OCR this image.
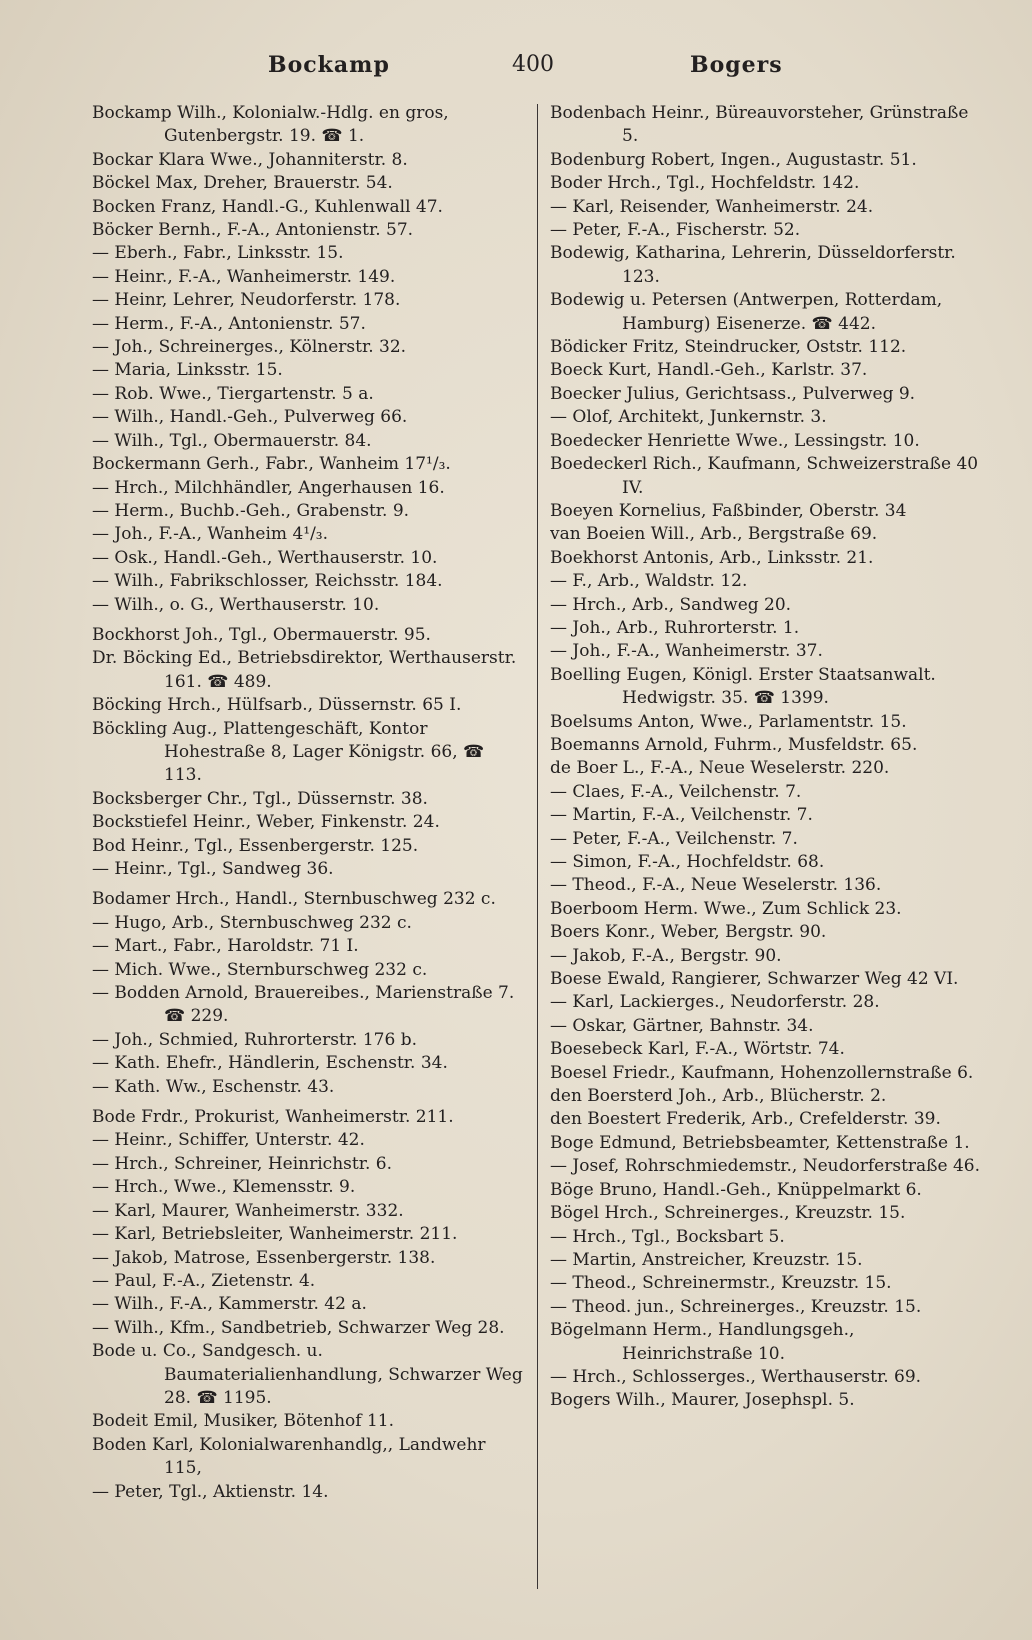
Bockamp	400	Bogers
Bockamp Wilh., Kolonialw.-Hdlg. en gros, Gutenbergstr. 19. ☎ 1.
Bockar Klara Wwe., Johanniterstr. 8.
Böckel Max, Dreher, Brauerstr. 54.
Bocken Franz, Handl.-G., Kuhlenwall 47.
Böcker Bernh., F.-A., Antonienstr. 57.
— Eberh., Fabr., Linksstr. 15.
— Heinr., F.-A., Wanheimerstr. 149.
— Heinr, Lehrer, Neudorferstr. 178.
— Herm., F.-A., Antonienstr. 57.
— Joh., Schreinerges., Kölnerstr. 32.
— Maria, Linksstr. 15.
— Rob. Wwe., Tiergartenstr. 5 a.
— Wilh., Handl.-Geh., Pulverweg 66.
— Wilh., Tgl., Obermauerstr. 84.
Bockermann Gerh., Fabr., Wanheim 17¹/₃.
— Hrch., Milchhändler, Angerhausen 16.
— Herm., Buchb.-Geh., Grabenstr. 9.
— Joh., F.-A., Wanheim 4¹/₃.
— Osk., Handl.-Geh., Werthauserstr. 10.
— Wilh., Fabrikschlosser, Reichsstr. 184.
— Wilh., o. G., Werthauserstr. 10.
Bockhorst Joh., Tgl., Obermauerstr. 95.
Dr. Böcking Ed., Betriebsdirektor, Werthauserstr. 161. ☎ 489.
Böcking Hrch., Hülfsarb., Düssernstr. 65 I.
Böckling Aug., Plattengeschäft, Kontor Hohestraße 8, Lager Königstr. 66, ☎ 113.
Bocksberger Chr., Tgl., Düssernstr. 38.
Bockstiefel Heinr., Weber, Finkenstr. 24.
Bod Heinr., Tgl., Essenbergerstr. 125.
— Heinr., Tgl., Sandweg 36.
Bodamer Hrch., Handl., Sternbuschweg 232 c.
— Hugo, Arb., Sternbuschweg 232 c.
— Mart., Fabr., Haroldstr. 71 I.
— Mich. Wwe., Sternburschweg 232 c.
— Bodden Arnold, Brauereibes., Marienstraße 7. ☎ 229.
— Joh., Schmied, Ruhrorterstr. 176 b.
— Kath. Ehefr., Händlerin, Eschenstr. 34.
— Kath. Ww., Eschenstr. 43.
Bode Frdr., Prokurist, Wanheimerstr. 211.
— Heinr., Schiffer, Unterstr. 42.
— Hrch., Schreiner, Heinrichstr. 6.
— Hrch., Wwe., Klemensstr. 9.
— Karl, Maurer, Wanheimerstr. 332.
— Karl, Betriebsleiter, Wanheimerstr. 211.
— Jakob, Matrose, Essenbergerstr. 138.
— Paul, F.-A., Zietenstr. 4.
— Wilh., F.-A., Kammerstr. 42 a.
— Wilh., Kfm., Sandbetrieb, Schwarzer Weg 28.
Bode u. Co., Sandgesch. u. Baumaterialienhandlung, Schwarzer Weg 28. ☎ 1195.
Bodeit Emil, Musiker, Bötenhof 11.
Boden Karl, Kolonialwarenhandlg,, Landwehr 115,
— Peter, Tgl., Aktienstr. 14.
Bodenbach Heinr., Büreauvorsteher, Grünstraße 5.
Bodenburg Robert, Ingen., Augustastr. 51.
Boder Hrch., Tgl., Hochfeldstr. 142.
— Karl, Reisender, Wanheimerstr. 24.
— Peter, F.-A., Fischerstr. 52.
Bodewig, Katharina, Lehrerin, Düsseldorferstr. 123.
Bodewig u. Petersen (Antwerpen, Rotterdam, Hamburg) Eisenerze. ☎ 442.
Bödicker Fritz, Steindrucker, Oststr. 112.
Boeck Kurt, Handl.-Geh., Karlstr. 37.
Boecker Julius, Gerichtsass., Pulverweg 9.
— Olof, Architekt, Junkernstr. 3.
Boedecker Henriette Wwe., Lessingstr. 10.
Boedeckerl Rich., Kaufmann, Schweizerstraße 40 IV.
Boeyen Kornelius, Faßbinder, Oberstr. 34
van Boeien Will., Arb., Bergstraße 69.
Boekhorst Antonis, Arb., Linksstr. 21.
— F., Arb., Waldstr. 12.
— Hrch., Arb., Sandweg 20.
— Joh., Arb., Ruhrorterstr. 1.
— Joh., F.-A., Wanheimerstr. 37.
Boelling Eugen, Königl. Erster Staatsanwalt. Hedwigstr. 35. ☎ 1399.
Boelsums Anton, Wwe., Parlamentstr. 15.
Boemanns Arnold, Fuhrm., Musfeldstr. 65.
de Boer L., F.-A., Neue Weselerstr. 220.
— Claes, F.-A., Veilchenstr. 7.
— Martin, F.-A., Veilchenstr. 7.
— Peter, F.-A., Veilchenstr. 7.
— Simon, F.-A., Hochfeldstr. 68.
— Theod., F.-A., Neue Weselerstr. 136.
Boerboom Herm. Wwe., Zum Schlick 23.
Boers Konr., Weber, Bergstr. 90.
— Jakob, F.-A., Bergstr. 90.
Boese Ewald, Rangierer, Schwarzer Weg 42 VI.
— Karl, Lackierges., Neudorferstr. 28.
— Oskar, Gärtner, Bahnstr. 34.
Boesebeck Karl, F.-A., Wörtstr. 74.
Boesel Friedr., Kaufmann, Hohenzollernstraße 6.
den Boersterd Joh., Arb., Blücherstr. 2.
den Boestert Frederik, Arb., Crefelderstr. 39.
Boge Edmund, Betriebsbeamter, Kettenstraße 1.
— Josef, Rohrschmiedemstr., Neudorferstraße 46.
Böge Bruno, Handl.-Geh., Knüppelmarkt 6.
Bögel Hrch., Schreinerges., Kreuzstr. 15.
— Hrch., Tgl., Bocksbart 5.
— Martin, Anstreicher, Kreuzstr. 15.
— Theod., Schreinermstr., Kreuzstr. 15.
— Theod. jun., Schreinerges., Kreuzstr. 15.
Bögelmann Herm., Handlungsgeh., Heinrichstraße 10.
— Hrch., Schlosserges., Werthauserstr. 69.
Bogers Wilh., Maurer, Josephspl. 5.
